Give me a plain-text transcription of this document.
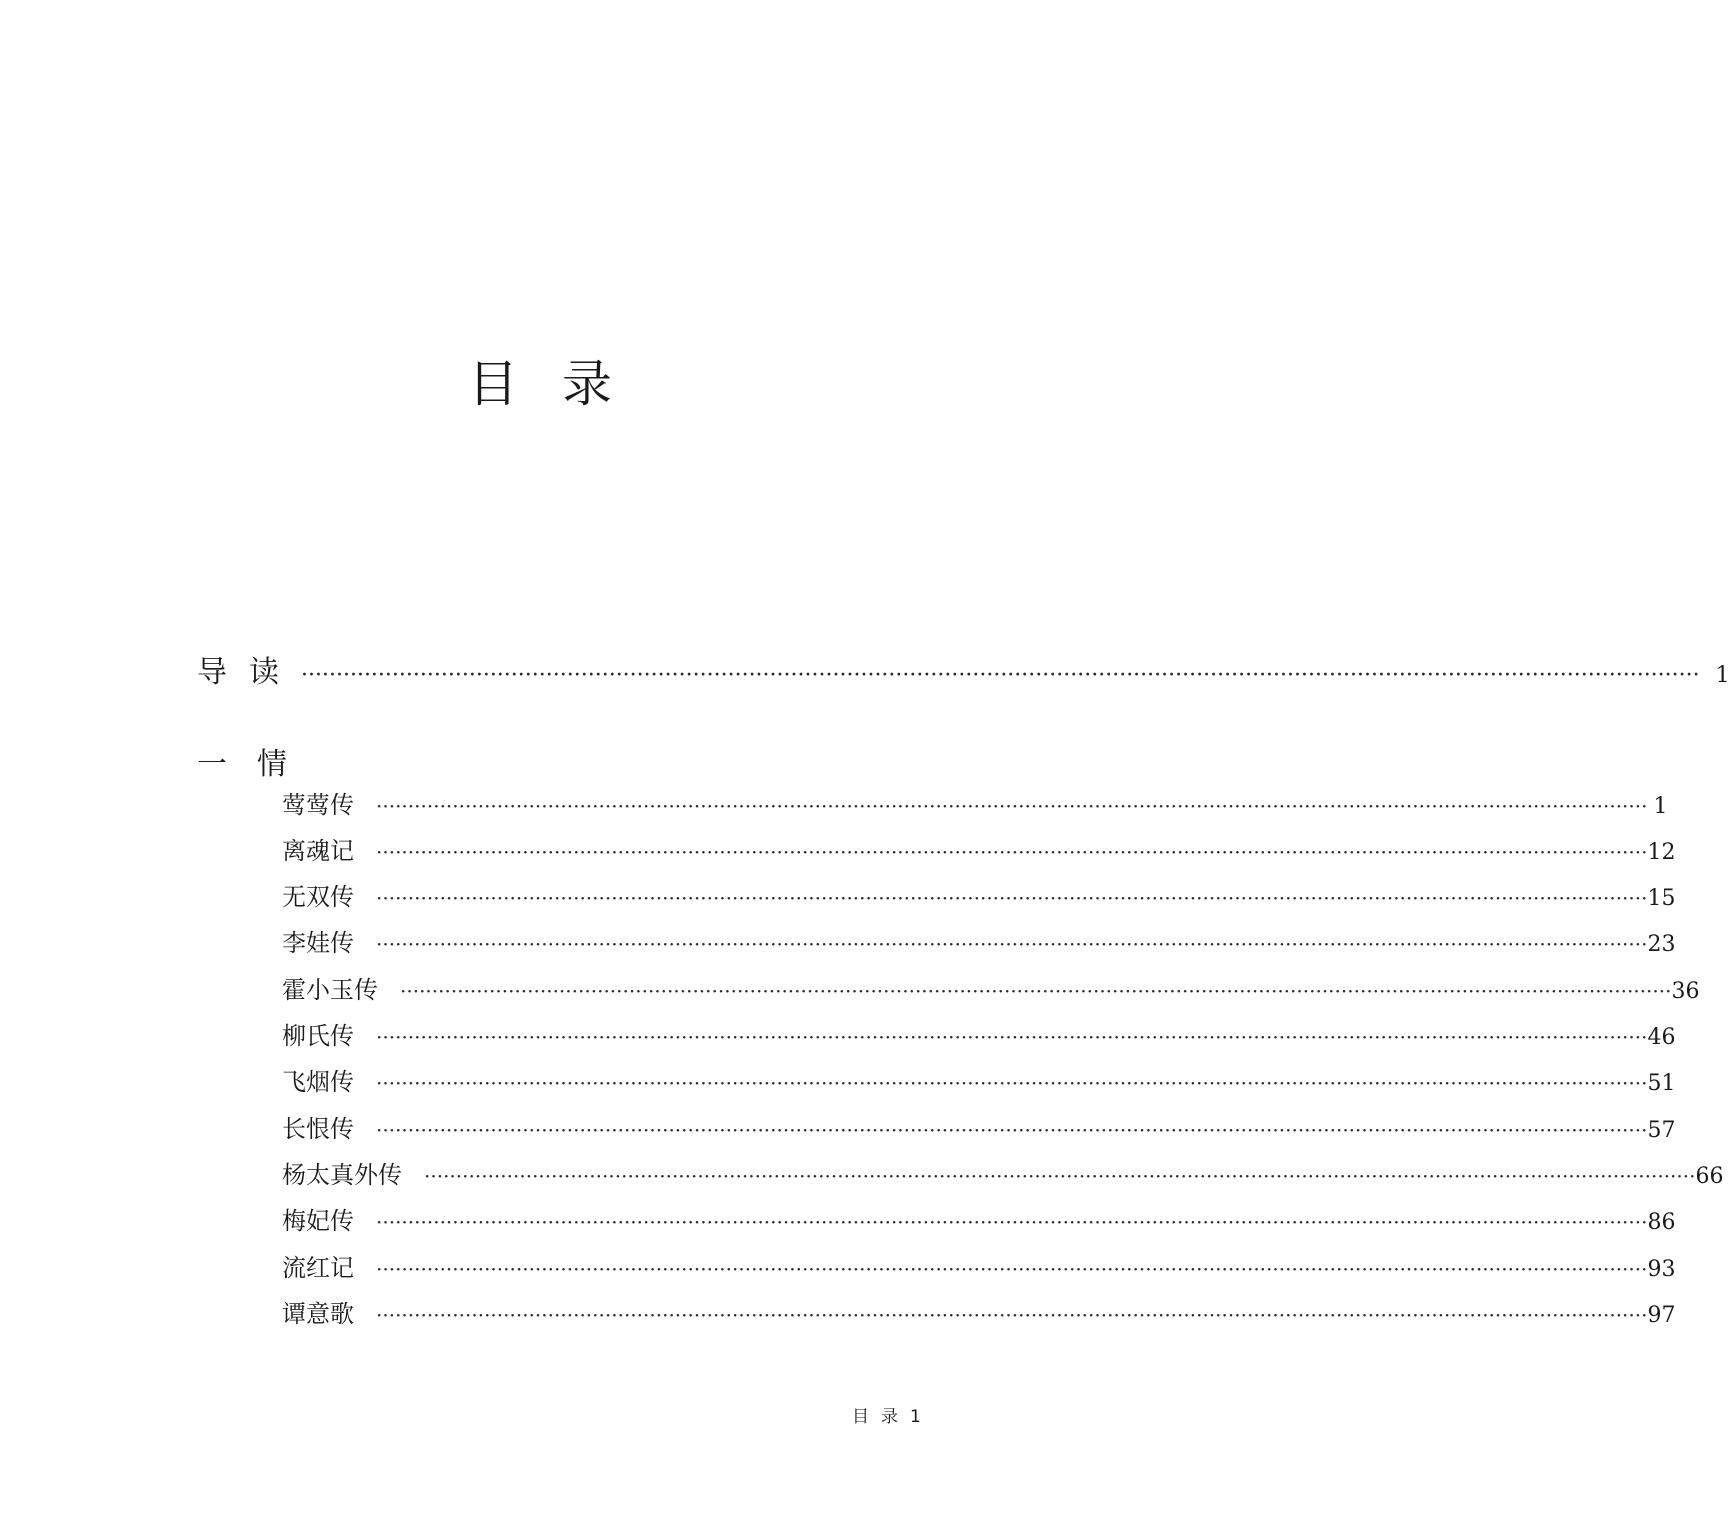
目录
导读 ········································································································································································································ 1
一情
莺莺传 ········································································································································································································ 1
离魂记 ········································································································································································································ 12
无双传 ········································································································································································································ 15
李娃传 ········································································································································································································ 23
霍小玉传 ········································································································································································································ 36
柳氏传 ········································································································································································································ 46
飞烟传 ········································································································································································································ 51
长恨传 ········································································································································································································ 57
杨太真外传 ········································································································································································································ 66
梅妃传 ········································································································································································································ 86
流红记 ········································································································································································································ 93
谭意歌 ········································································································································································································ 97
目录1
